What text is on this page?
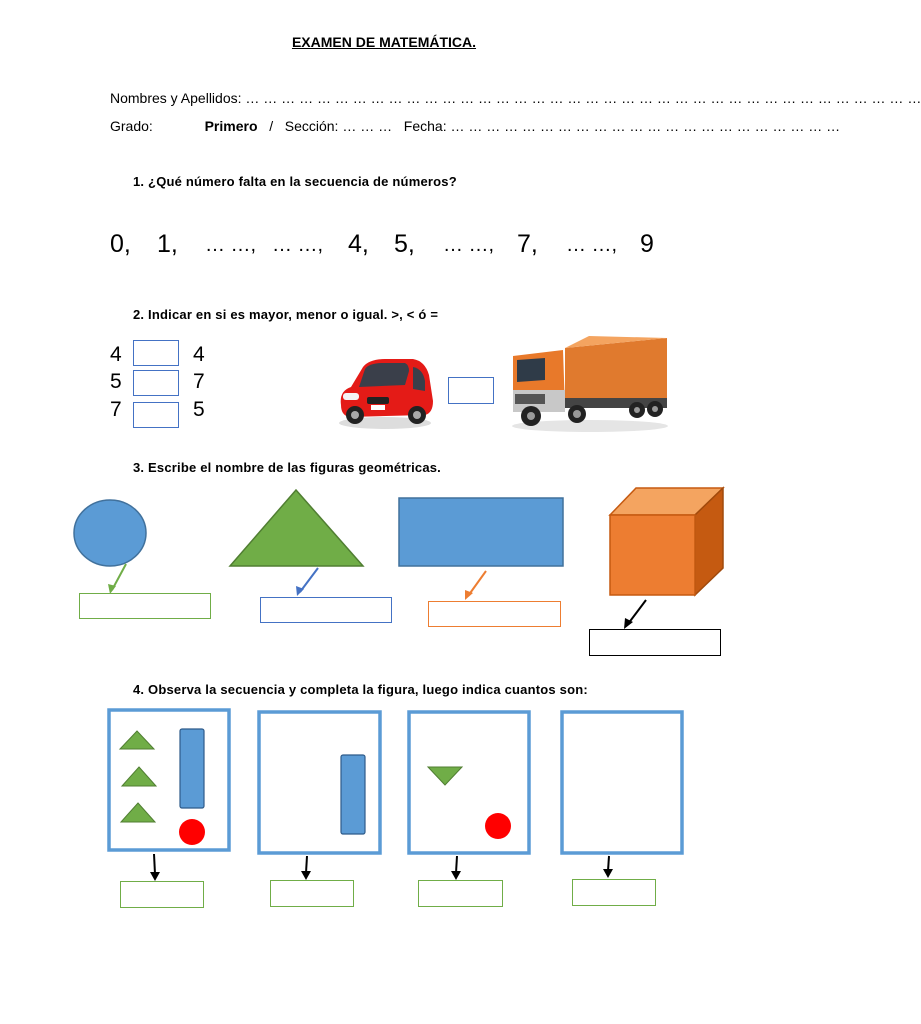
EXAMEN DE MATEMÁTICA.
Nombres y Apellidos: … … … … … … … … … … … … … … … … … … … … … … … … … … … … … … … … … … … … … …
Grado:	Primero / Sección: … … … Fecha: … … … … … … … … … … … … … … … … … … … … … …
1. ¿Qué número falta en la secuencia de números?
0, 1, … …, … …, 4, 5, … …, 7, … …, 9
2. Indicar en si es mayor, menor o igual. >, < ó =
4	4
5	7
7	5
3. Escribe el nombre de las figuras geométricas.
4. Observa la secuencia y completa la figura, luego indica cuantos son:
